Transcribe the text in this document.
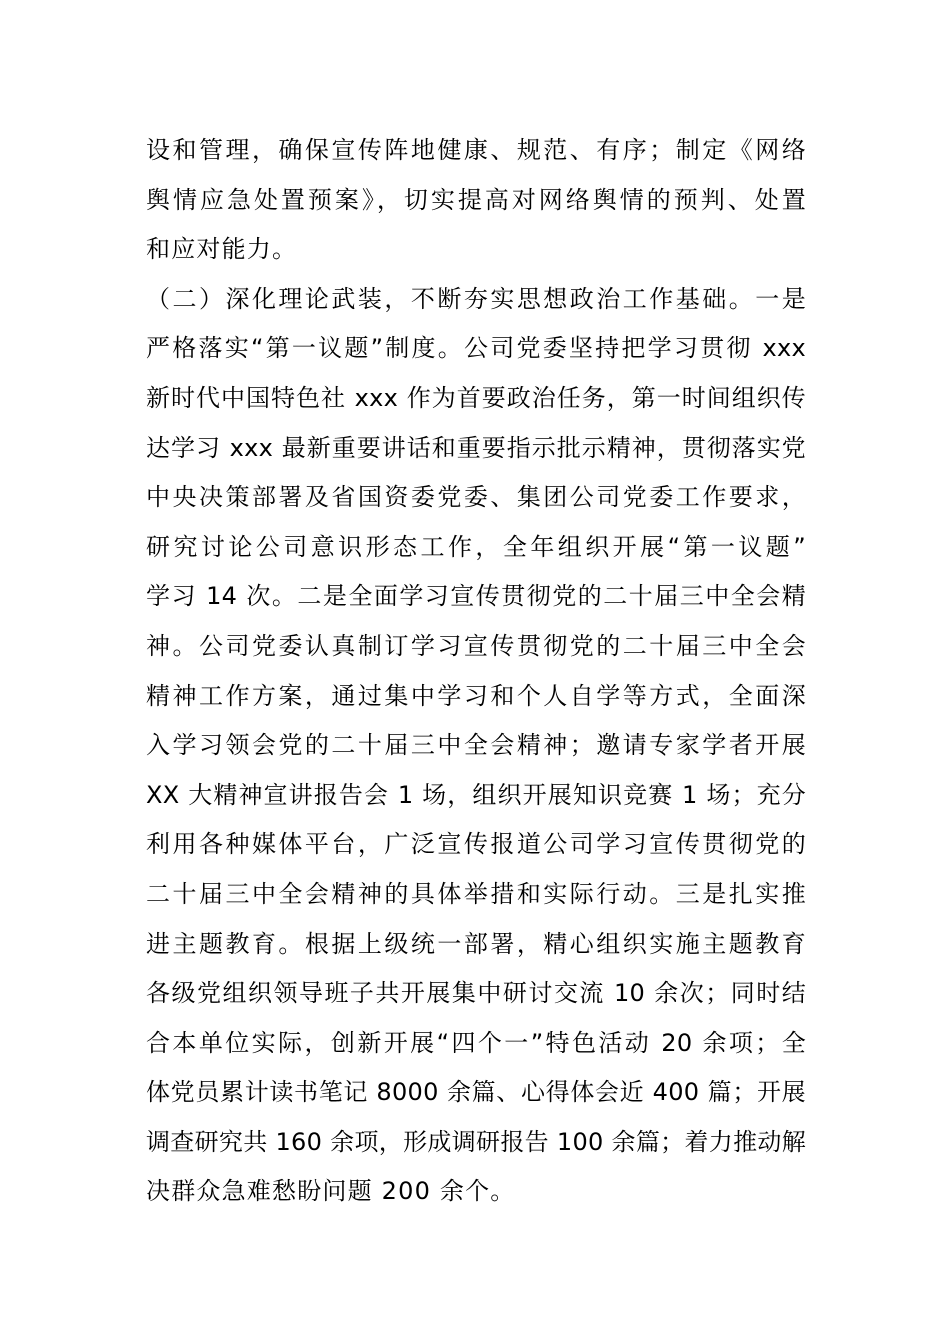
设和管理，确保宣传阵地健康、规范、有序；制定《网络
舆情应急处置预案》，切实提高对网络舆情的预判、处置
和应对能力。
（二）深化理论武装，不断夯实思想政治工作基础。一是
严格落实“第一议题”制度。公司党委坚持把学习贯彻 xxx
新时代中国特色社 xxx 作为首要政治任务，第一时间组织传
达学习 xxx 最新重要讲话和重要指示批示精神，贯彻落实党
中央决策部署及省国资委党委、集团公司党委工作要求，
研究讨论公司意识形态工作，全年组织开展“第一议题”
学习 14 次。二是全面学习宣传贯彻党的二十届三中全会精
神。公司党委认真制订学习宣传贯彻党的二十届三中全会
精神工作方案，通过集中学习和个人自学等方式，全面深
入学习领会党的二十届三中全会精神；邀请专家学者开展
XX 大精神宣讲报告会 1 场，组织开展知识竞赛 1 场；充分
利用各种媒体平台，广泛宣传报道公司学习宣传贯彻党的
二十届三中全会精神的具体举措和实际行动。三是扎实推
进主题教育。根据上级统一部署，精心组织实施主题教育
各级党组织领导班子共开展集中研讨交流 10 余次；同时结
合本单位实际，创新开展“四个一”特色活动 20 余项；全
体党员累计读书笔记 8000 余篇、心得体会近 400 篇；开展
调查研究共 160 余项，形成调研报告 100 余篇；着力推动解
决群众急难愁盼问题 200 余个。
